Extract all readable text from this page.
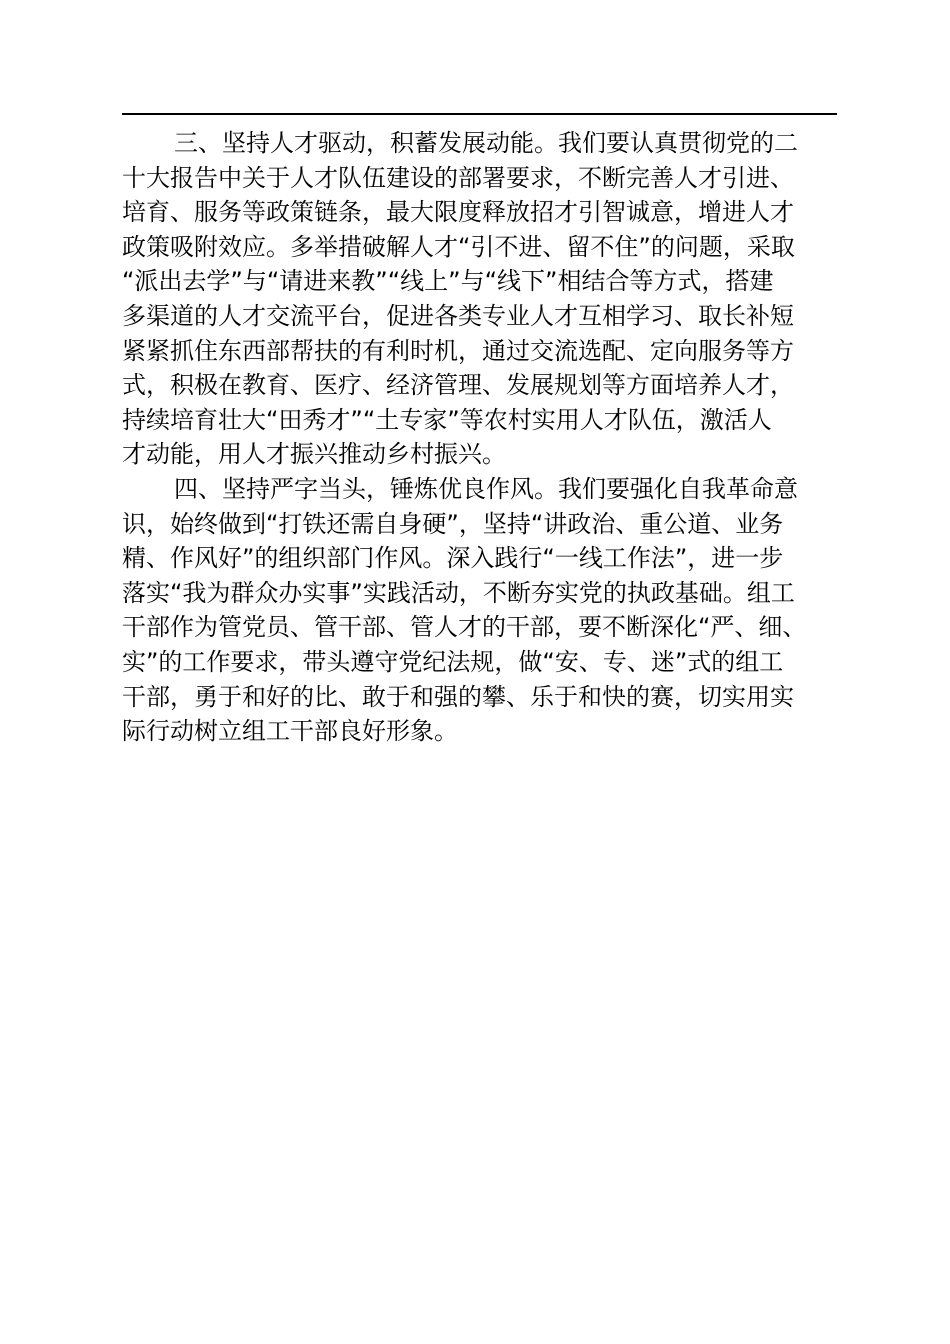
三、坚持人才驱动，积蓄发展动能。我们要认真贯彻党的二
十大报告中关于人才队伍建设的部署要求，不断完善人才引进、
培育、服务等政策链条，最大限度释放招才引智诚意，增进人才
政策吸附效应。多举措破解人才“引不进、留不住”的问题，采取
“派出去学”与“请进来教”“线上”与“线下”相结合等方式，搭建
多渠道的人才交流平台，促进各类专业人才互相学习、取长补短
紧紧抓住东西部帮扶的有利时机，通过交流选配、定向服务等方
式，积极在教育、医疗、经济管理、发展规划等方面培养人才，
持续培育壮大“田秀才”“土专家”等农村实用人才队伍，激活人
才动能，用人才振兴推动乡村振兴。
四、坚持严字当头，锤炼优良作风。我们要强化自我革命意
识，始终做到“打铁还需自身硬”，坚持“讲政治、重公道、业务
精、作风好”的组织部门作风。深入践行“一线工作法”，进一步
落实“我为群众办实事”实践活动，不断夯实党的执政基础。组工
干部作为管党员、管干部、管人才的干部，要不断深化“严、细、
实”的工作要求，带头遵守党纪法规，做“安、专、迷”式的组工
干部，勇于和好的比、敢于和强的攀、乐于和快的赛，切实用实
际行动树立组工干部良好形象。
